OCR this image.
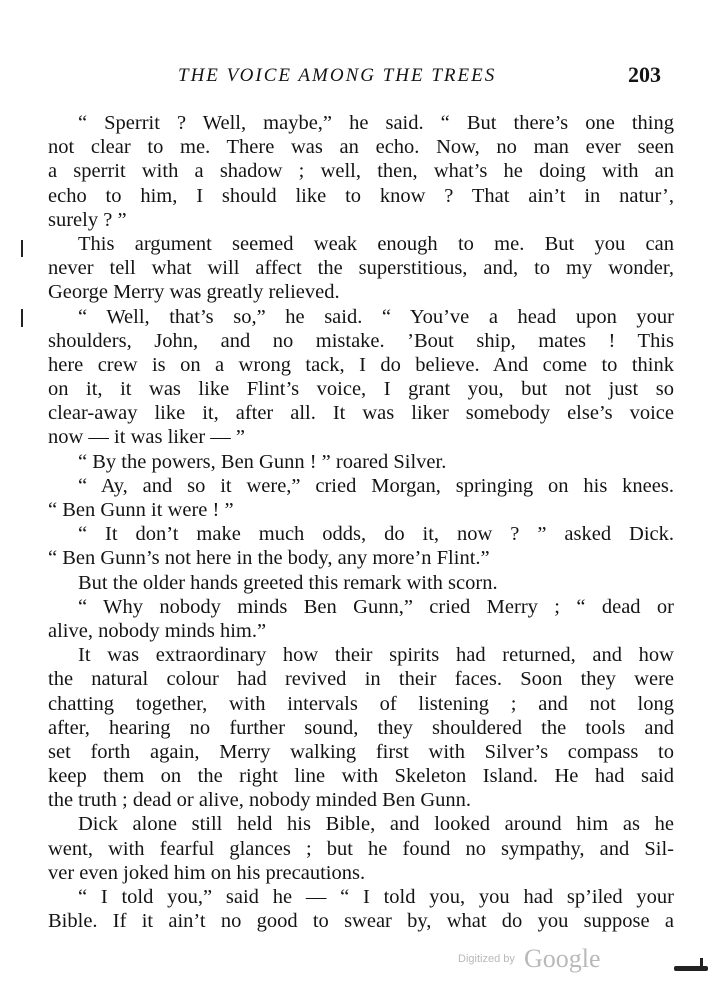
THE VOICE AMONG THE TREES	203
“ Sperrit ? Well, maybe,” he said. “ But there’s one thing
not clear to me. There was an echo. Now, no man ever seen
a sperrit with a shadow ; well, then, what’s he doing with an
echo to him, I should like to know ? That ain’t in natur’,
surely ? ”
This argument seemed weak enough to me. But you can
never tell what will affect the superstitious, and, to my wonder,
George Merry was greatly relieved.
“ Well, that’s so,” he said. “ You’ve a head upon your
shoulders, John, and no mistake. ’Bout ship, mates ! This
here crew is on a wrong tack, I do believe. And come to think
on it, it was like Flint’s voice, I grant you, but not just so
clear-away like it, after all. It was liker somebody else’s voice
now — it was liker — ”
“ By the powers, Ben Gunn ! ” roared Silver.
“ Ay, and so it were,” cried Morgan, springing on his knees.
“ Ben Gunn it were ! ”
“ It don’t make much odds, do it, now ? ” asked Dick.
“ Ben Gunn’s not here in the body, any more’n Flint.”
But the older hands greeted this remark with scorn.
“ Why nobody minds Ben Gunn,” cried Merry ; “ dead or
alive, nobody minds him.”
It was extraordinary how their spirits had returned, and how
the natural colour had revived in their faces. Soon they were
chatting together, with intervals of listening ; and not long
after, hearing no further sound, they shouldered the tools and
set forth again, Merry walking first with Silver’s compass to
keep them on the right line with Skeleton Island. He had said
the truth ; dead or alive, nobody minded Ben Gunn.
Dick alone still held his Bible, and looked around him as he
went, with fearful glances ; but he found no sympathy, and Sil-
ver even joked him on his precautions.
“ I told you,” said he — “ I told you, you had sp’iled your
Bible. If it ain’t no good to swear by, what do you suppose a
Digitized by Google
